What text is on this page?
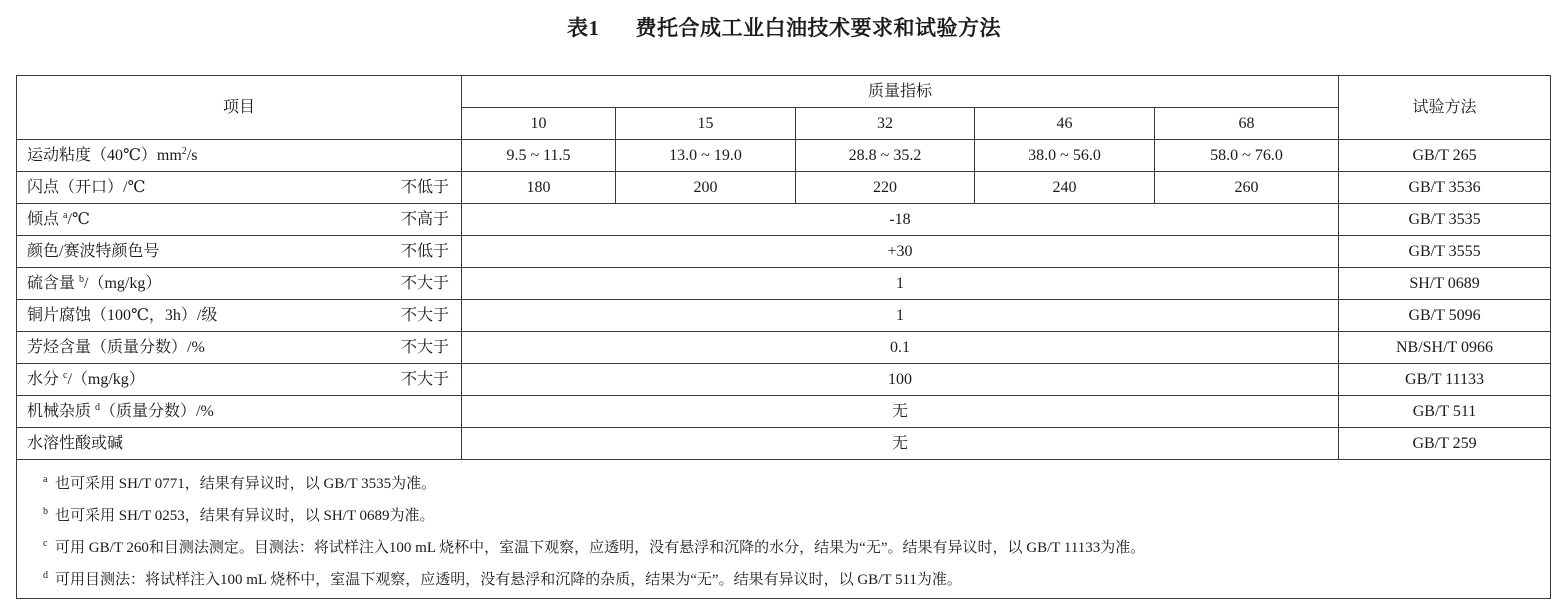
表1 费托合成工业白油技术要求和试验方法
项目	质量指标					试验方法
	10	15	32	46	68	

运动粘度$(40℃)mm^2/s$	9.5 ~ 11.5	13.0 ~ 19.0	28.8 ~ 35.2	38.0 ~ 56.0	58.0 ~ 76.0	GB/T 265

闪点（开口）/℃ 不低于	180	200	220	240	260	GB/T 3536

倾点 $^a$/℃ 不高于	-18					GB/T 3535

颜色/赛波特颜色号 不低于	+30					GB/T 3555

硫含量 $^b$/（mg/kg） 不大于	1					SH/T 0689

铜片腐蚀（100℃，3h）/级 不大于	1					GB/T 5096

芳烃含量（质量分数）/% 不大于	0.1					NB/SH/T 0966

水分 $^c$/（mg/kg） 不大于	100					GB/T 11133

机械杂质 $^d$（质量分数）/%	无					GB/T 511

水溶性酸或碱	无					GB/T 259

a 也可采用 SH/T 0771，结果有异议时，以 GB/T 3535为准。
b 也可采用 SH/T 0253，结果有异议时，以 SH/T 0689为准。
c 可用 GB/T 260和目测法测定。目测法：将试样注入100 mL 烧杯中，室温下观察，应透明，没有悬浮和沉降的水分，结果为“无”。结果有异议时，以 GB/T 11133为准。
d 可用目测法：将试样注入100 mL 烧杯中，室温下观察，应透明，没有悬浮和沉降的杂质，结果为“无”。结果有异议时，以 GB/T 511为准。						
